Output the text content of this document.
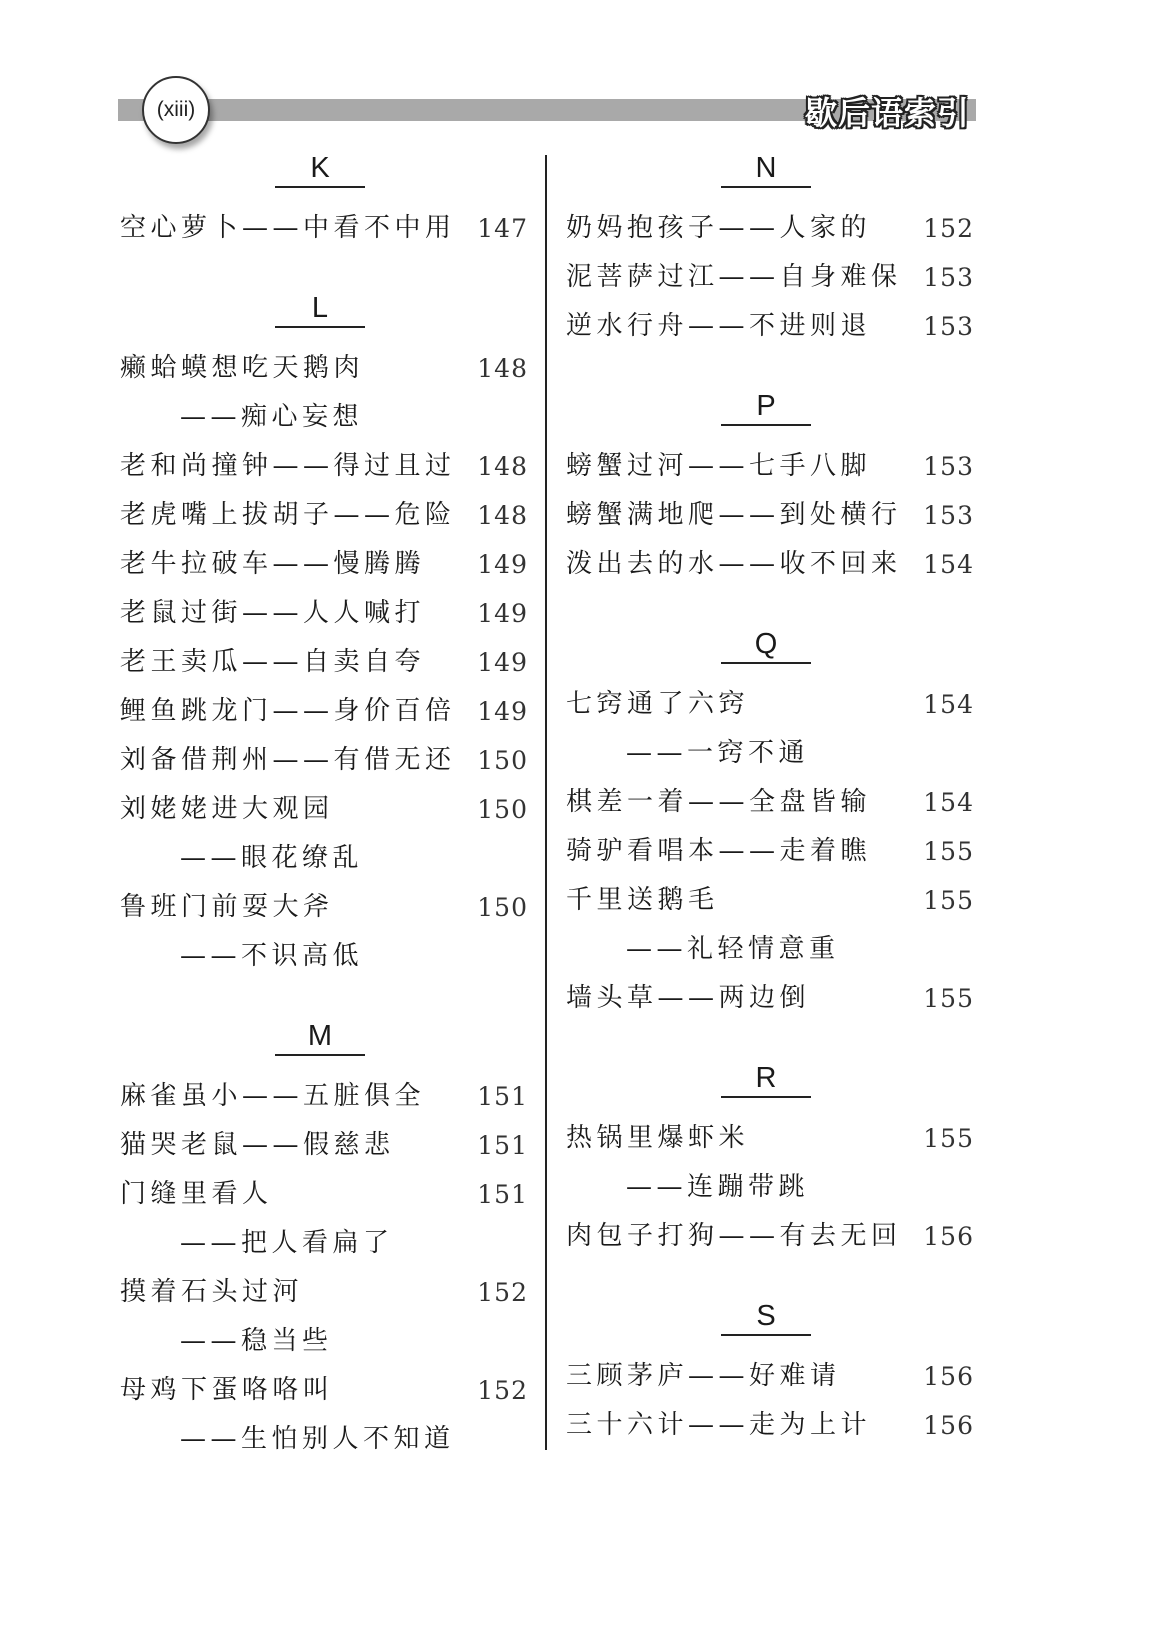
(xiii)	歇后语索引
K
空心萝卜——中看不中用 147
L
癞蛤蟆想吃天鹅肉	148
——痴心妄想
老和尚撞钟——得过且过 148
老虎嘴上拔胡子——危险 148
老牛拉破车——慢腾腾 149
老鼠过街——人人喊打 149
老王卖瓜——自卖自夸 149
鲤鱼跳龙门——身价百倍 149
刘备借荆州——有借无还 150
刘姥姥进大观园	150
——眼花缭乱
鲁班门前耍大斧	150
——不识高低
M
麻雀虽小——五脏俱全 151
猫哭老鼠——假慈悲	151
门缝里看人	151
——把人看扁了
摸着石头过河	152
——稳当些
母鸡下蛋咯咯叫	152
——生怕别人不知道
N
奶妈抱孩子——人家的 152
泥菩萨过江——自身难保 153
逆水行舟——不进则退 153
P
螃蟹过河——七手八脚 153
螃蟹满地爬——到处横行 153
泼出去的水——收不回来 154
Q
七窍通了六窍	154
——一窍不通
棋差一着——全盘皆输 154
骑驴看唱本——走着瞧 155
千里送鹅毛	155
——礼轻情意重
墙头草——两边倒	155
R
热锅里爆虾米	155
——连蹦带跳
肉包子打狗——有去无回 156
S
三顾茅庐——好难请	156
三十六计——走为上计 156
